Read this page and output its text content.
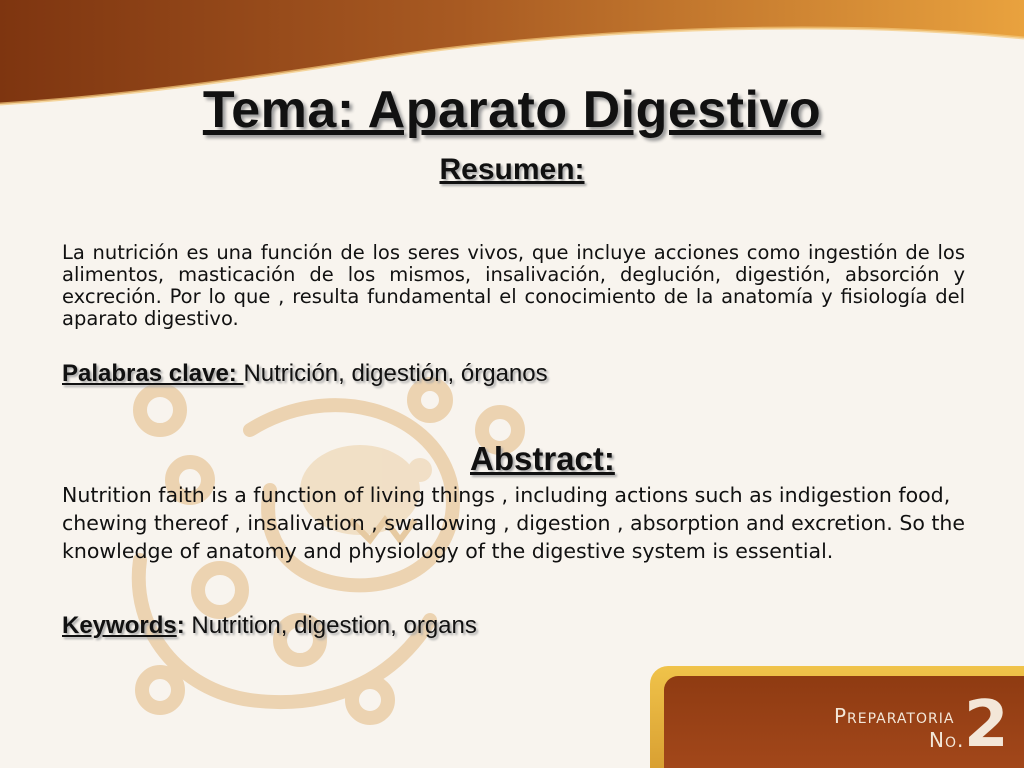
Tema: Aparato Digestivo
Resumen:
La nutrición es una función de los seres vivos, que incluye acciones como ingestión de los alimentos, masticación de los mismos, insalivación, deglución, digestión, absorción y excreción. Por lo que , resulta fundamental el conocimiento de la anatomía y fisiología del aparato digestivo.
Palabras clave: Nutrición, digestión, órganos
Abstract:
Nutrition faith is a function of living things , including actions such as indigestion food, chewing thereof , insalivation , swallowing , digestion , absorption and excretion. So the knowledge of anatomy and physiology of the digestive system is essential.
Keywords: Nutrition, digestion, organs
Preparatoria
No. 2
